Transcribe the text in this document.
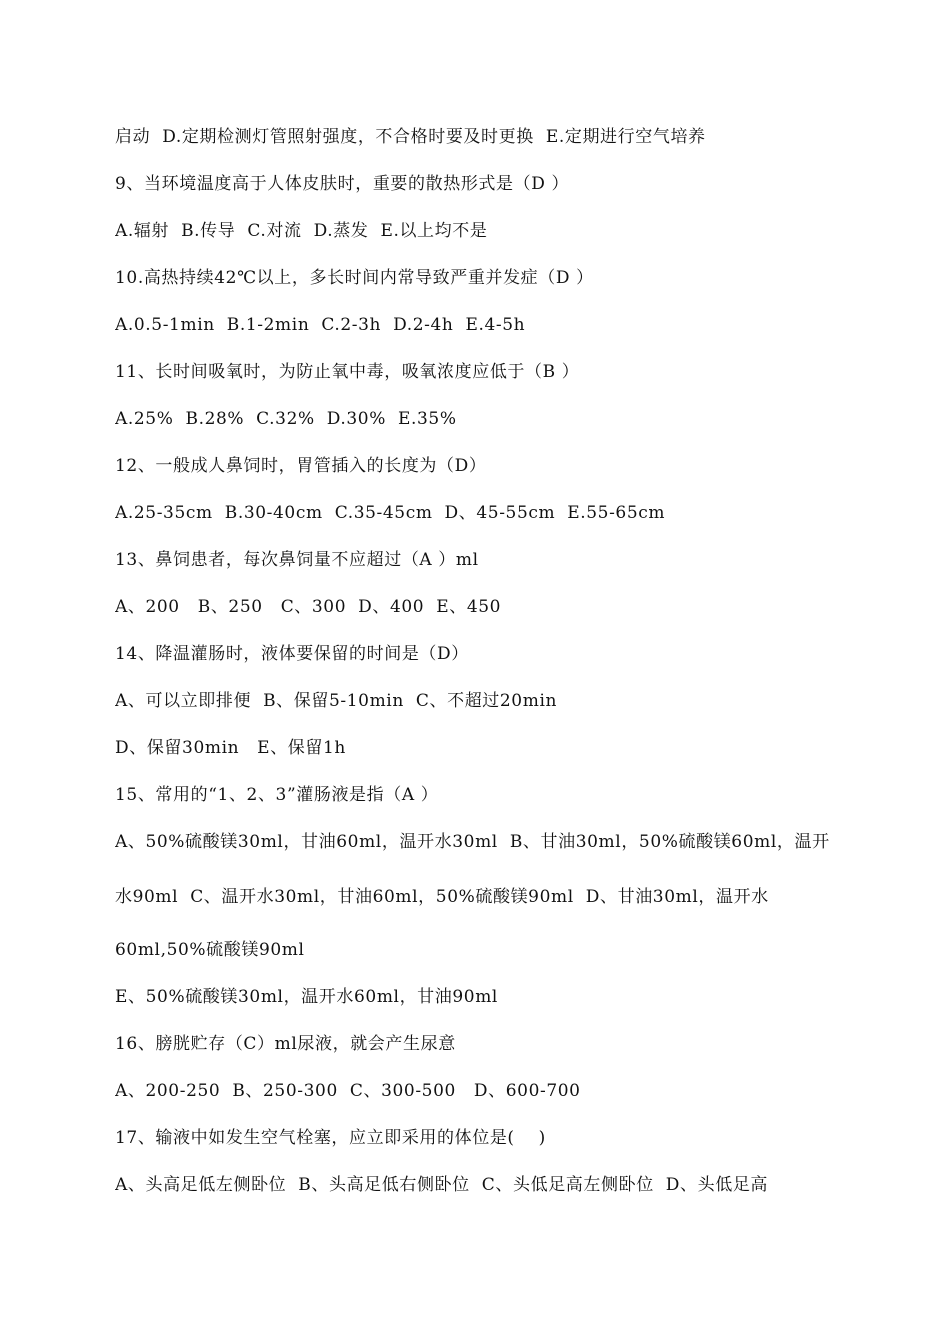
启动  D.定期检测灯管照射强度，不合格时要及时更换  E.定期进行空气培养
9、当环境温度高于人体皮肤时，重要的散热形式是（D ）
A.辐射  B.传导  C.对流  D.蒸发  E.以上均不是
10.高热持续42℃以上，多长时间内常导致严重并发症（D ）
A.0.5-1min  B.1-2min  C.2-3h  D.2-4h  E.4-5h
11、长时间吸氧时，为防止氧中毒，吸氧浓度应低于（B ）
A.25%  B.28%  C.32%  D.30%  E.35%
12、一般成人鼻饲时，胃管插入的长度为（D）
A.25-35cm  B.30-40cm  C.35-45cm  D、45-55cm  E.55-65cm
13、鼻饲患者，每次鼻饲量不应超过（A ）ml
A、200   B、250   C、300  D、400  E、450
14、降温灌肠时，液体要保留的时间是（D）
A、可以立即排便  B、保留5-10min  C、不超过20min
D、保留30min   E、保留1h
15、常用的“1、2、3”灌肠液是指（A ）
A、50%硫酸镁30ml，甘油60ml，温开水30ml  B、甘油30ml，50%硫酸镁60ml，温开
水90ml  C、温开水30ml，甘油60ml，50%硫酸镁90ml  D、甘油30ml，温开水
60ml,50%硫酸镁90ml
E、50%硫酸镁30ml，温开水60ml，甘油90ml
16、膀胱贮存（C）ml尿液，就会产生尿意
A、200-250  B、250-300  C、300-500   D、600-700
17、输液中如发生空气栓塞，应立即采用的体位是(    )
A、头高足低左侧卧位  B、头高足低右侧卧位  C、头低足高左侧卧位  D、头低足高
